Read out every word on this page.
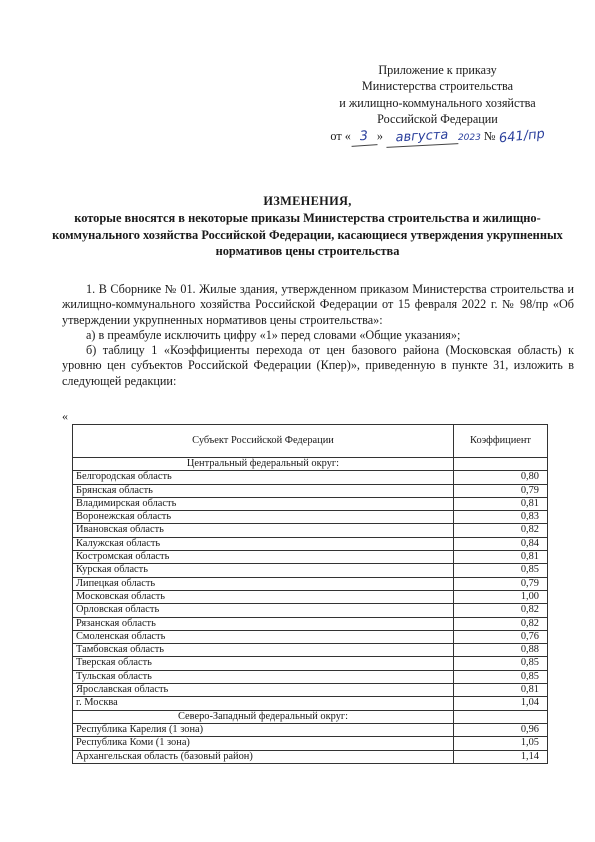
Приложение к приказу
Министерства строительства
и жилищно-коммунального хозяйства
Российской Федерации
от « 3 » августа 2023 № 641/пр
ИЗМЕНЕНИЯ,
которые вносятся в некоторые приказы Министерства строительства и жилищно-коммунального хозяйства Российской Федерации, касающиеся утверждения укрупненных нормативов цены строительства

1. В Сборнике № 01. Жилые здания, утвержденном приказом Министерства строительства и жилищно-коммунального хозяйства Российской Федерации от 15 февраля 2022 г. № 98/пр «Об утверждении укрупненных нормативов цены строительства»:

а) в преамбуле исключить цифру «1» перед словами «Общие указания»;

б) таблицу 1 «Коэффициенты перехода от цен базового района (Московская область) к уровню цен субъектов Российской Федерации (Кпер)», приведенную в пункте 31, изложить в следующей редакции:

«
Субъект Российской Федерации	Коэффициент
Центральный федеральный округ:	
Белгородская область	0,80
Брянская область	0,79
Владимирская область	0,81
Воронежская область	0,83
Ивановская область	0,82
Калужская область	0,84
Костромская область	0,81
Курская область	0,85
Липецкая область	0,79
Московская область	1,00
Орловская область	0,82
Рязанская область	0,82
Смоленская область	0,76
Тамбовская область	0,88
Тверская область	0,85
Тульская область	0,85
Ярославская область	0,81
г. Москва	1,04
Северо-Западный федеральный округ:	
Республика Карелия (1 зона)	0,96
Республика Коми (1 зона)	1,05
Архангельская область (базовый район)	1,14
